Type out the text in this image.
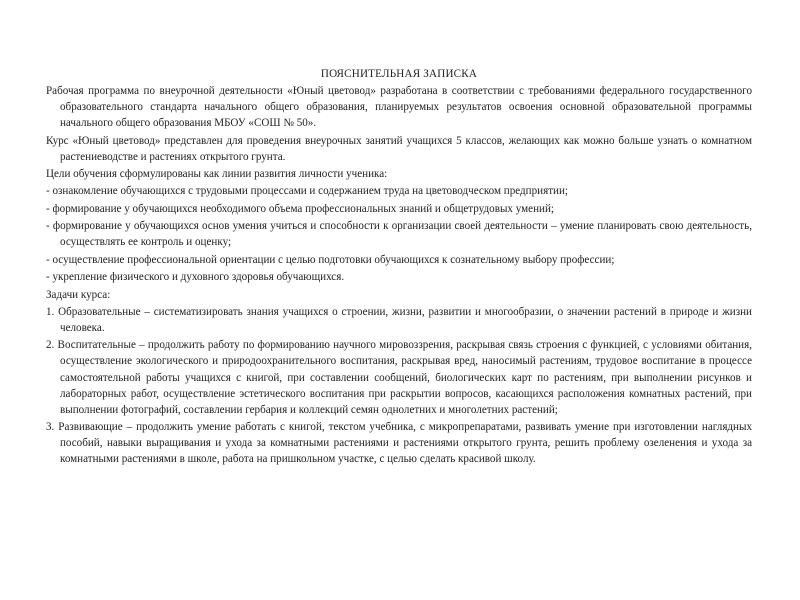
ПОЯСНИТЕЛЬНАЯ ЗАПИСКА

Рабочая программа по внеурочной деятельности «Юный цветовод» разработана в соответствии с требованиями федерального государственного образовательного стандарта начального общего образования, планируемых результатов освоения основной образовательной программы начального общего образования МБОУ «СОШ № 50».

Курс «Юный цветовод» представлен для проведения внеурочных занятий учащихся 5 классов, желающих как можно больше узнать о комнатном растениеводстве и растениях открытого грунта.

Цели обучения сформулированы как линии развития личности ученика:

- ознакомление обучающихся с трудовыми процессами и содержанием труда на цветоводческом предприятии;

- формирование у обучающихся необходимого объема профессиональных знаний и общетрудовых умений;

- формирование у обучающихся основ умения учиться и способности к организации своей деятельности – умение планировать свою деятельность, осуществлять ее контроль и оценку;

- осуществление профессиональной ориентации с целью подготовки обучающихся к сознательному выбору профессии;

- укрепление физического и духовного здоровья обучающихся.

Задачи курса:

1. Образовательные – систематизировать знания учащихся о строении, жизни, развитии и многообразии, о значении растений в природе и жизни человека.

2. Воспитательные – продолжить работу по формированию научного мировоззрения, раскрывая связь строения с функцией, с условиями обитания, осуществление экологического и природоохранительного воспитания, раскрывая вред, наносимый растениям, трудовое воспитание в процессе самостоятельной работы учащихся с книгой, при составлении сообщений, биологических карт по растениям, при выполнении рисунков и лабораторных работ, осуществление эстетического воспитания при раскрытии вопросов, касающихся расположения комнатных растений, при выполнении фотографий, составлении гербария и коллекций семян однолетних и многолетних растений;

3. Развивающие – продолжить умение работать с книгой, текстом учебника, с микропрепаратами, развивать умение при изготовлении наглядных пособий, навыки выращивания и ухода за комнатными растениями и растениями открытого грунта, решить проблему озеленения и ухода за комнатными растениями в школе, работа на пришкольном участке, с целью сделать красивой школу.
